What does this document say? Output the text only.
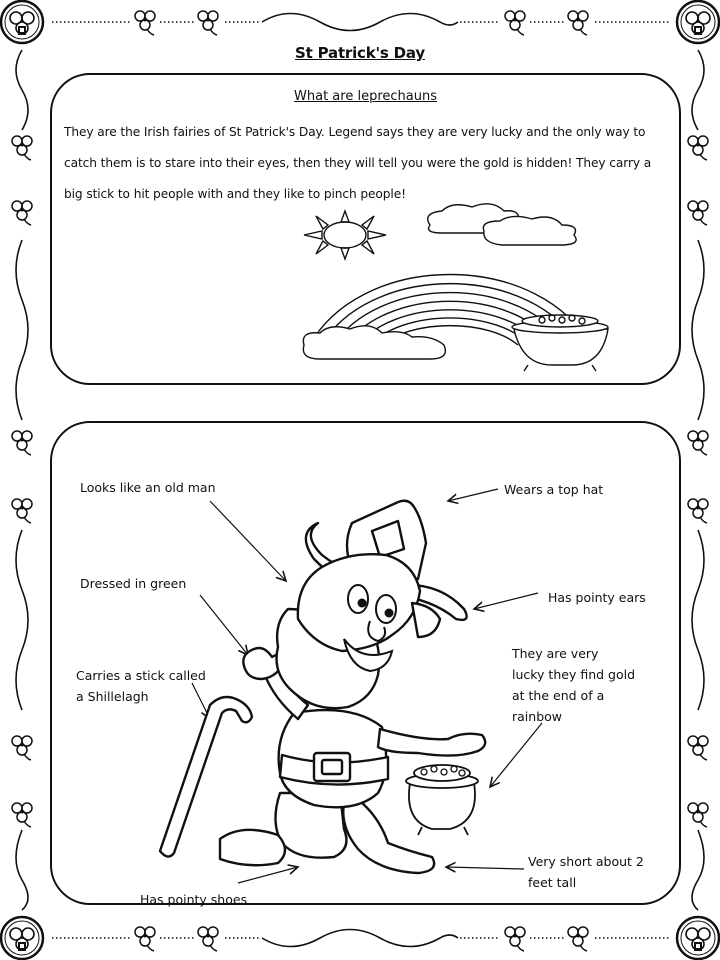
St Patrick's Day
What are leprechauns
They are the Irish fairies of St Patrick's Day. Legend says they are very lucky and the only way to catch them is to stare into their eyes, then they will tell you were the gold is hidden! They carry a big stick to hit people with and they like to pinch people!
Looks like an old man	Wears a top hat
Dressed in green
Has pointy ears
Carries a stick called
a Shillelagh
They are very
lucky they find gold
at the end of a
rainbow
Very short about 2
feet tall
Has pointy shoes
